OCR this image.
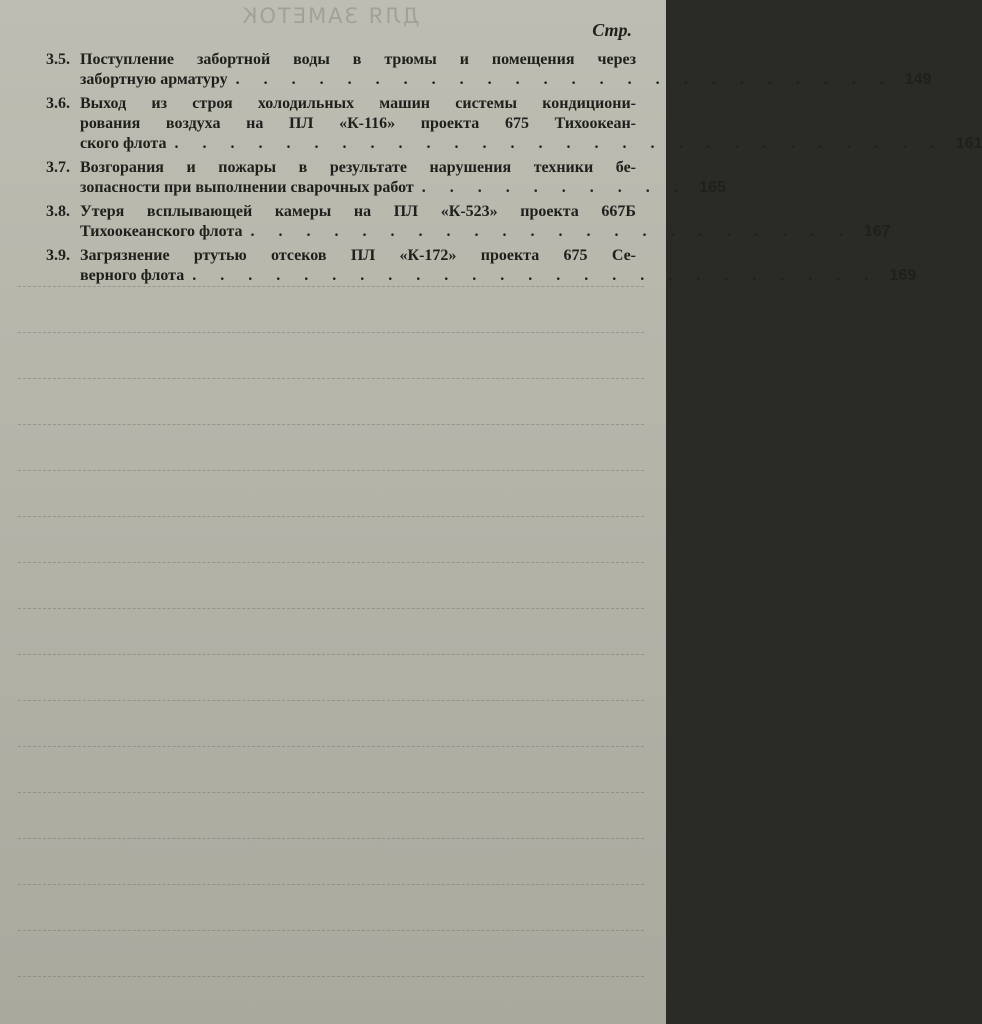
ДЛЯ ЗАМЕТОК
Стр.
3.5. Поступление забортной воды в трюмы и помещения через
забортную арматуру . . . . . . . . . . . . . . . . . . . . . . . . 149
3.6. Выход из строя холодильных машин системы кондициони-
рования воздуха на ПЛ «К-116» проекта 675 Тихоокеан-
ского флота . . . . . . . . . . . . . . . . . . . . . . . . . . . . 161
3.7. Возгорания и пожары в результате нарушения техники бе-
зопасности при выполнении сварочных работ . . . . . . . . . . 165
3.8. Утеря всплывающей камеры на ПЛ «К-523» проекта 667Б
Тихоокеанского флота . . . . . . . . . . . . . . . . . . . . . . 167
3.9. Загрязнение ртутью отсеков ПЛ «К-172» проекта 675 Се-
верного флота . . . . . . . . . . . . . . . . . . . . . . . . . 169
